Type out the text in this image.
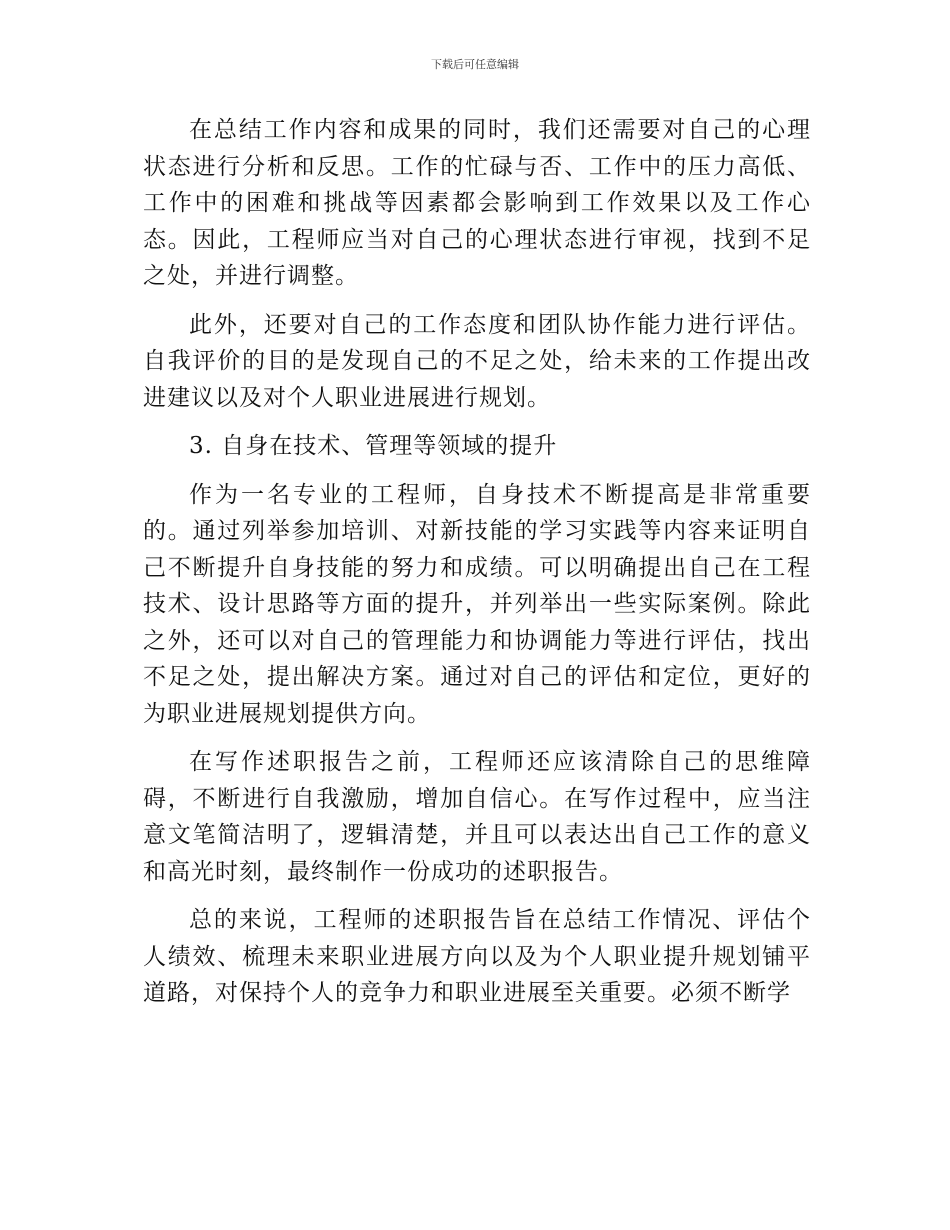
下载后可任意编辑

在总结工作内容和成果的同时，我们还需要对自己的心理状态进行分析和反思。工作的忙碌与否、工作中的压力高低、工作中的困难和挑战等因素都会影响到工作效果以及工作心态。因此，工程师应当对自己的心理状态进行审视，找到不足之处，并进行调整。

此外，还要对自己的工作态度和团队协作能力进行评估。自我评价的目的是发现自己的不足之处，给未来的工作提出改进建议以及对个人职业进展进行规划。

3. 自身在技术、管理等领域的提升

作为一名专业的工程师，自身技术不断提高是非常重要的。通过列举参加培训、对新技能的学习实践等内容来证明自己不断提升自身技能的努力和成绩。可以明确提出自己在工程技术、设计思路等方面的提升，并列举出一些实际案例。除此之外，还可以对自己的管理能力和协调能力等进行评估，找出不足之处，提出解决方案。通过对自己的评估和定位，更好的为职业进展规划提供方向。

在写作述职报告之前，工程师还应该清除自己的思维障碍，不断进行自我激励，增加自信心。在写作过程中，应当注意文笔简洁明了，逻辑清楚，并且可以表达出自己工作的意义和高光时刻，最终制作一份成功的述职报告。

总的来说，工程师的述职报告旨在总结工作情况、评估个人绩效、梳理未来职业进展方向以及为个人职业提升规划铺平道路，对保持个人的竞争力和职业进展至关重要。必须不断学
